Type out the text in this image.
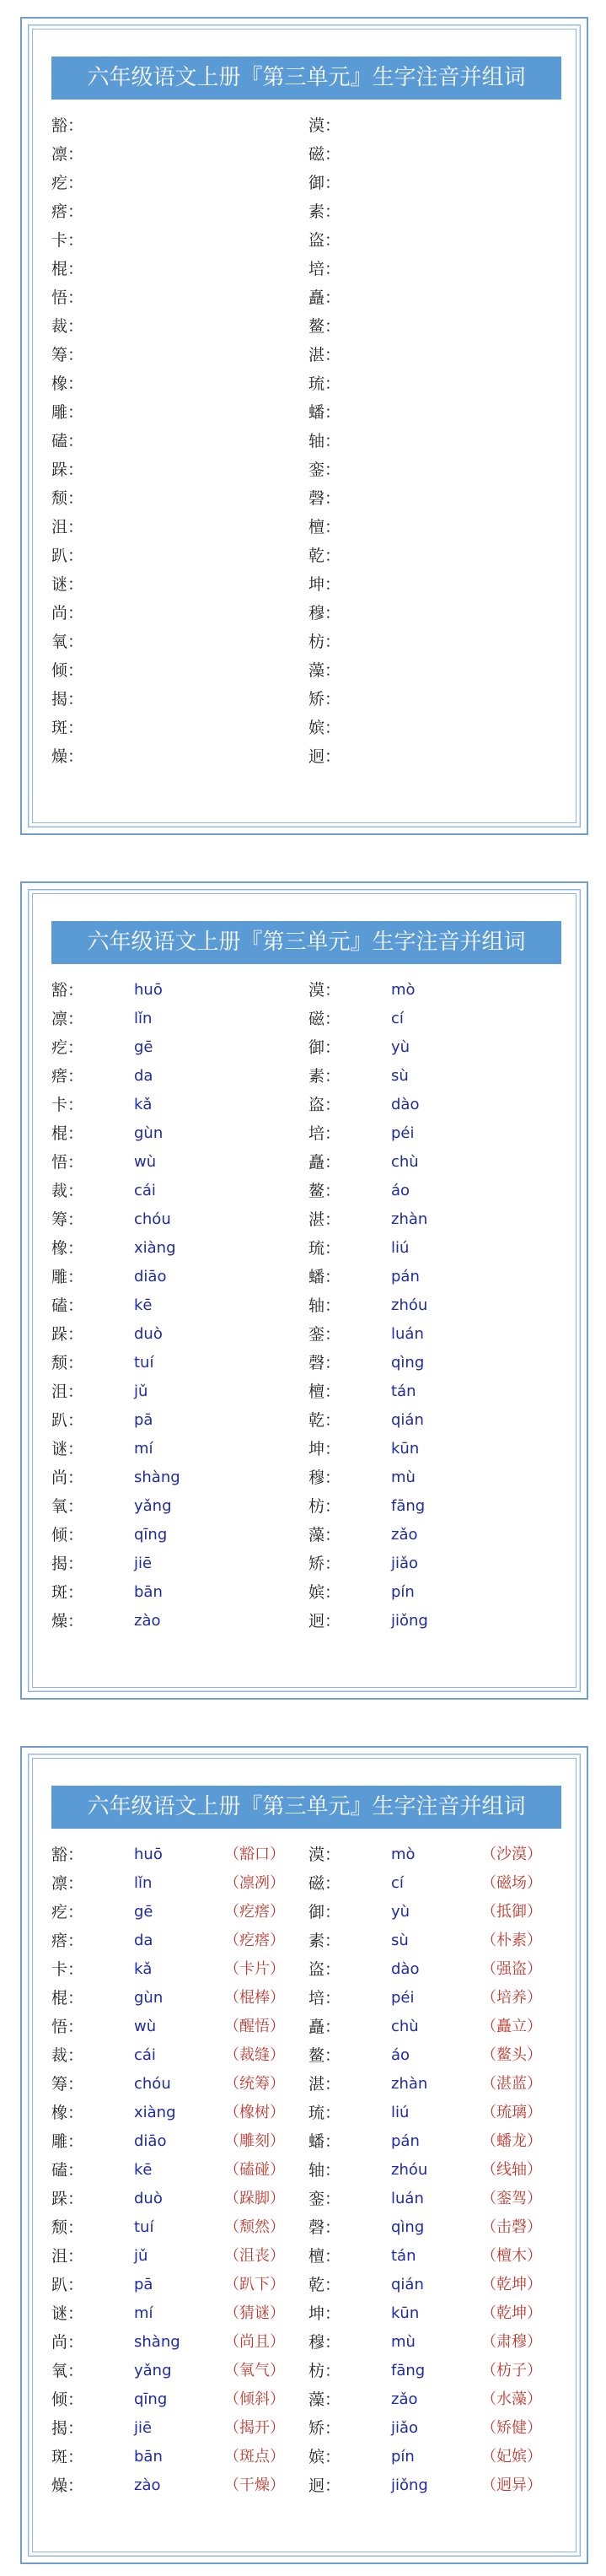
六年级语文上册『第三单元』生字注音并组词
豁：	漠：
凛：	磁：
疙：	御：
瘩：	素：
卡：	盗：
棍：	培：
悟：	矗：
裁：	鳌：
筹：	湛：
橡：	琉：
雕：	蟠：
磕：	轴：
跺：	銮：
颓：	磬：
沮：	檀：
趴：	乾：
谜：	坤：
尚：	穆：
氧：	枋：
倾：	藻：
揭：	矫：
斑：	嫔：
燥：	迥：
六年级语文上册『第三单元』生字注音并组词
豁：	huō	漠：	mò
凛：	lǐn	磁：	cí
疙：	gē	御：	yù
瘩：	da	素：	sù
卡：	kǎ	盗：	dào
棍：	gùn	培：	péi
悟：	wù	矗：	chù
裁：	cái	鳌：	áo
筹：	chóu	湛：	zhàn
橡：	xiàng	琉：	liú
雕：	diāo	蟠：	pán
磕：	kē	轴：	zhóu
跺：	duò	銮：	luán
颓：	tuí	磬：	qìng
沮：	jǔ	檀：	tán
趴：	pā	乾：	qián
谜：	mí	坤：	kūn
尚：	shàng	穆：	mù
氧：	yǎng	枋：	fāng
倾：	qīng	藻：	zǎo
揭：	jiē	矫：	jiǎo
斑：	bān	嫔：	pín
燥：	zào	迥：	jiǒng
六年级语文上册『第三单元』生字注音并组词
豁：	huō	（豁口） 漠：	mò	（沙漠）
凛：	lǐn	（凛冽） 磁：	cí	（磁场）
疙：	gē	（疙瘩） 御：	yù	（抵御）
瘩：	da	（疙瘩） 素：	sù	（朴素）
卡：	kǎ	（卡片） 盗：	dào	（强盗）
棍：	gùn	（棍棒） 培：	péi	（培养）
悟：	wù	（醒悟） 矗：	chù	（矗立）
裁：	cái	（裁缝） 鳌：	áo	（鳌头）
筹：	chóu	（统筹） 湛：	zhàn	（湛蓝）
橡：	xiàng	（橡树） 琉：	liú	（琉璃）
雕：	diāo	（雕刻） 蟠：	pán	（蟠龙）
磕：	kē	（磕碰） 轴：	zhóu	（线轴）
跺：	duò	（跺脚） 銮：	luán	（銮驾）
颓：	tuí	（颓然） 磬：	qìng	（击磬）
沮：	jǔ	（沮丧） 檀：	tán	（檀木）
趴：	pā	（趴下） 乾：	qián	（乾坤）
谜：	mí	（猜谜） 坤：	kūn	（乾坤）
尚：	shàng	（尚且） 穆：	mù	（肃穆）
氧：	yǎng	（氧气） 枋：	fāng	（枋子）
倾：	qīng	（倾斜） 藻：	zǎo	（水藻）
揭：	jiē	（揭开） 矫：	jiǎo	（矫健）
斑：	bān	（斑点） 嫔：	pín	（妃嫔）
燥：	zào	（干燥） 迥：	jiǒng	（迥异）
